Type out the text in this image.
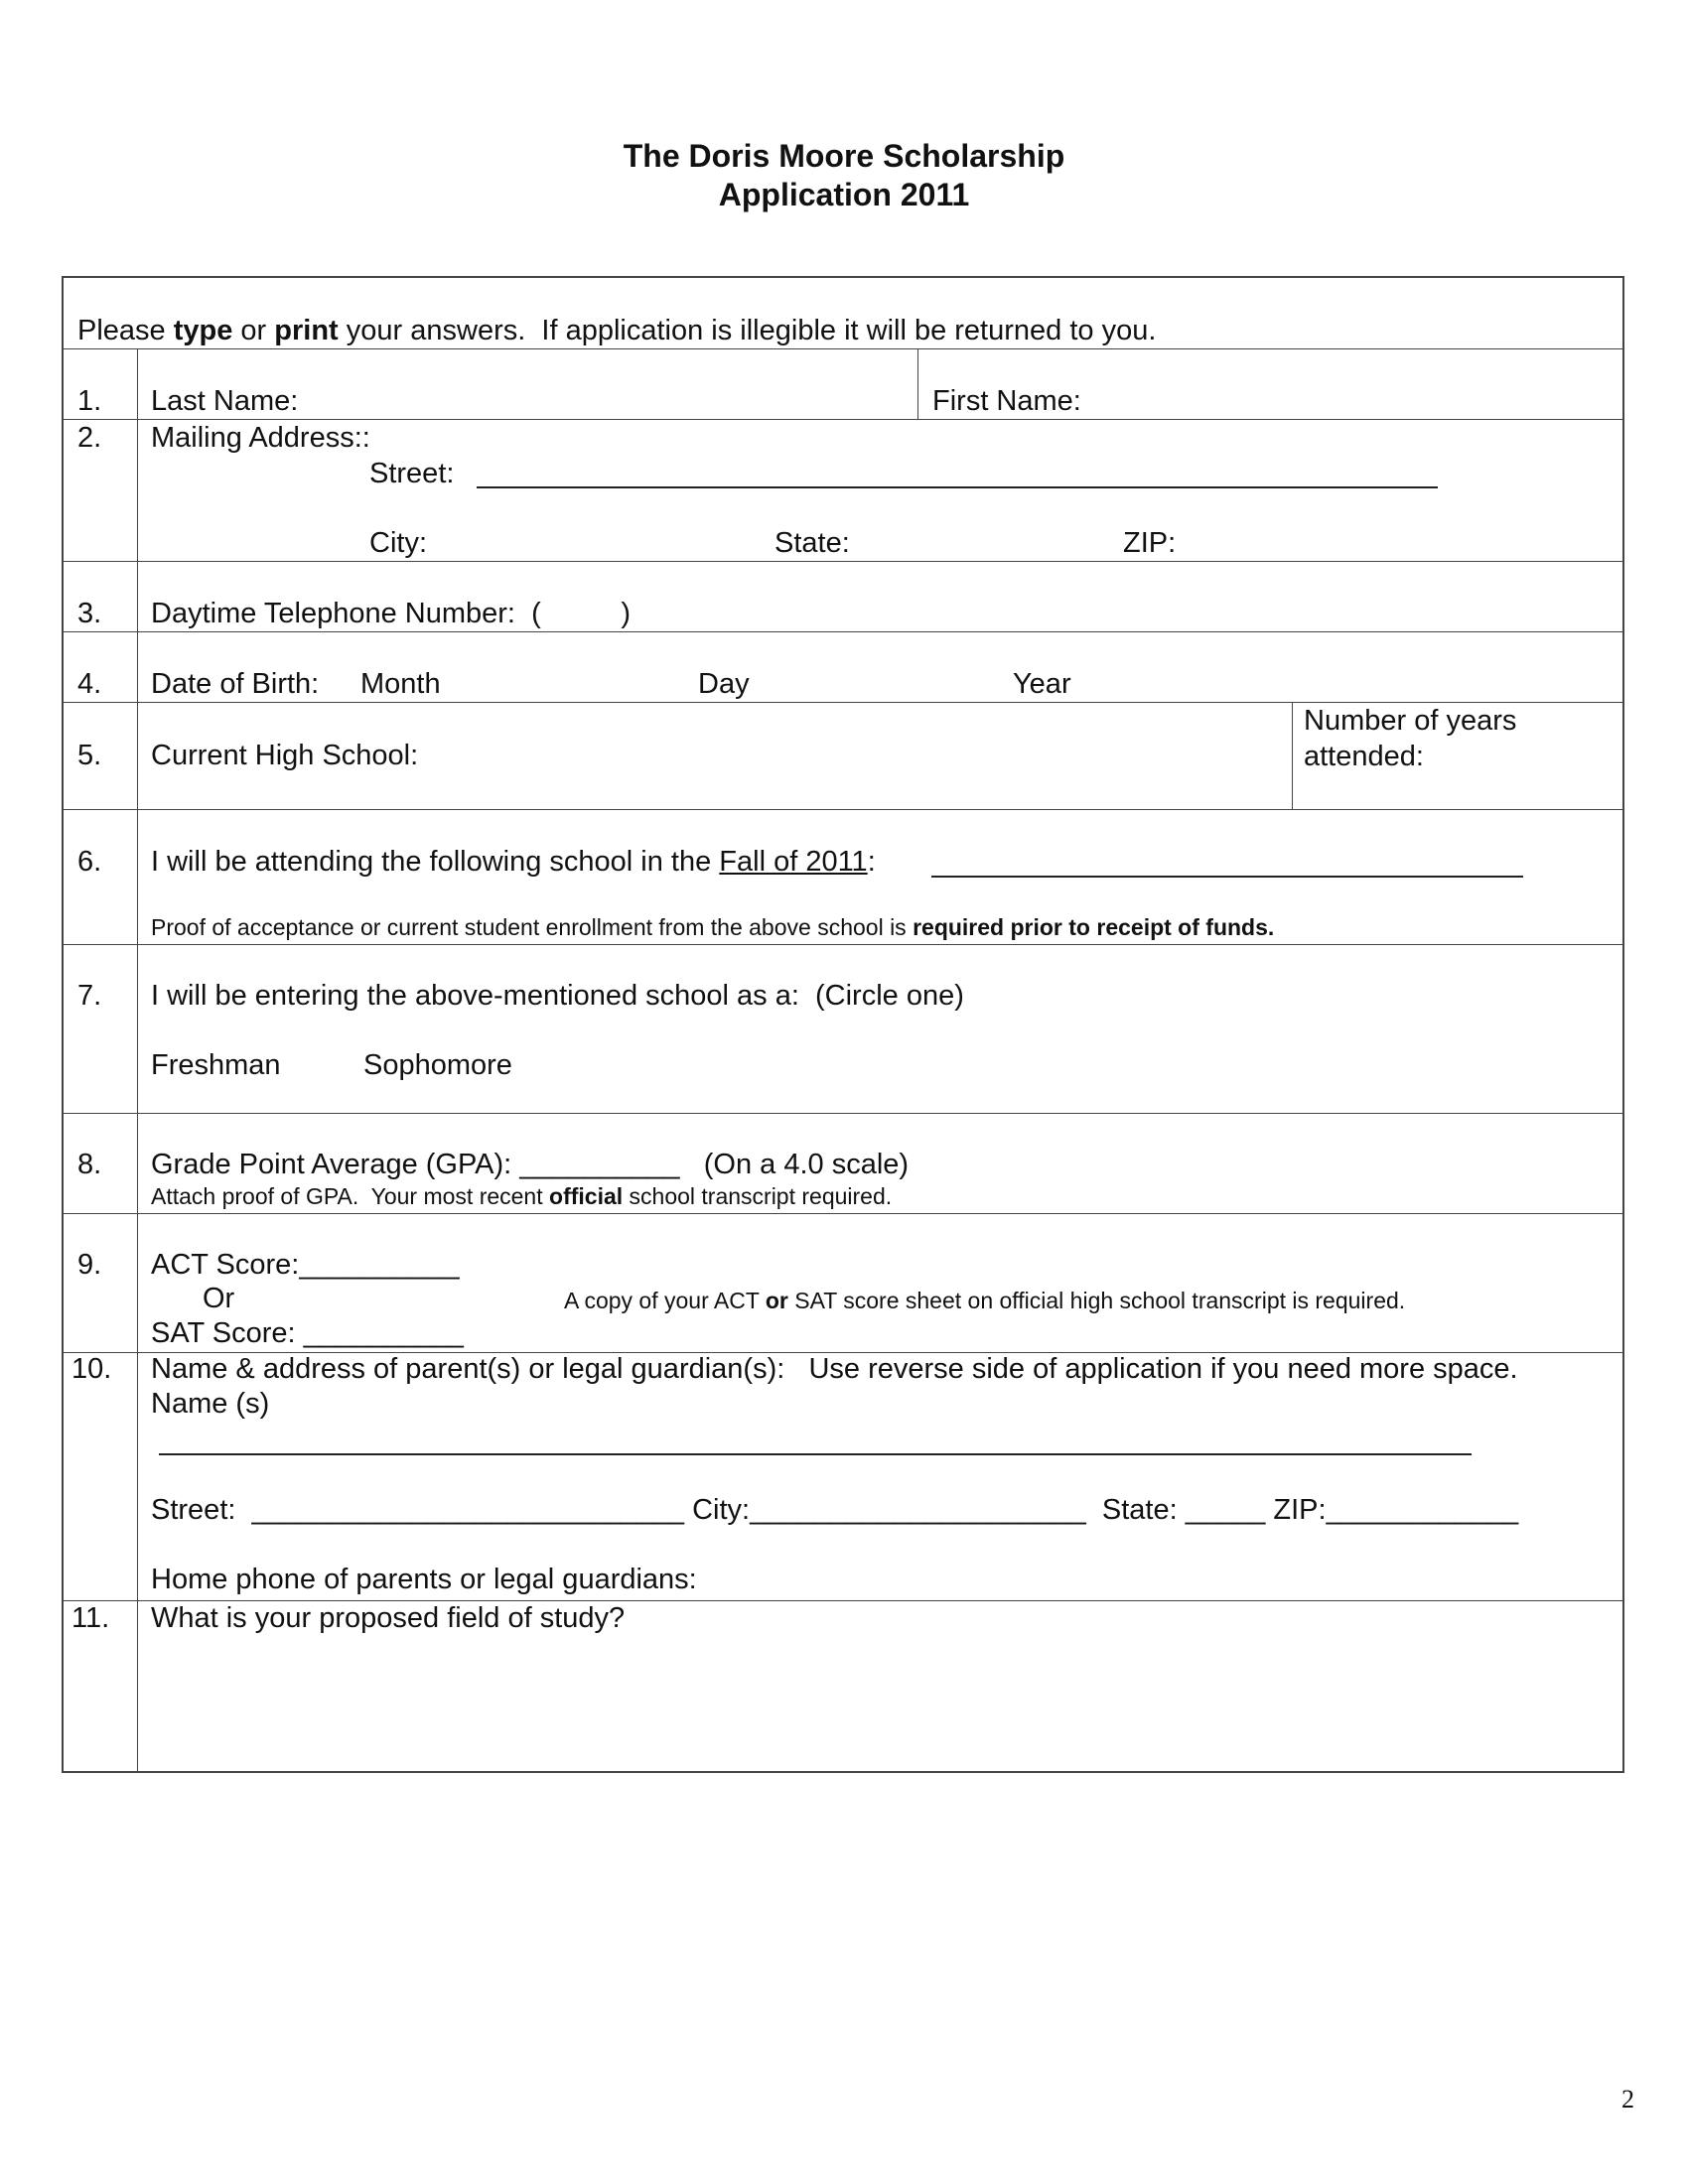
The Doris Moore Scholarship
Application 2011
Please type or print your answers.  If application is illegible it will be returned to you.
1. Last Name:	First Name:
2. Mailing Address::
Street:
City:	State:	ZIP:
3. Daytime Telephone Number:  (          )
4. Date of Birth: Month	Day	Year
5. Current High School:
Number of years
attended:
6. I will be attending the following school in the Fall of 2011:
Proof of acceptance or current student enrollment from the above school is required prior to receipt of funds.
7. I will be entering the above-mentioned school as a:  (Circle one)
Freshman	Sophomore
8. Grade Point Average (GPA): __________   (On a 4.0 scale)
Attach proof of GPA.  Your most recent official school transcript required.
9. ACT Score:__________
Or	A copy of your ACT or SAT score sheet on official high school transcript is required.
SAT Score: __________
10. Name & address of parent(s) or legal guardian(s):   Use reverse side of application if you need more space.
Name (s)
Street:  ___________________________ City:_____________________  State: _____ ZIP:____________
Home phone of parents or legal guardians:
11. What is your proposed field of study?
2
